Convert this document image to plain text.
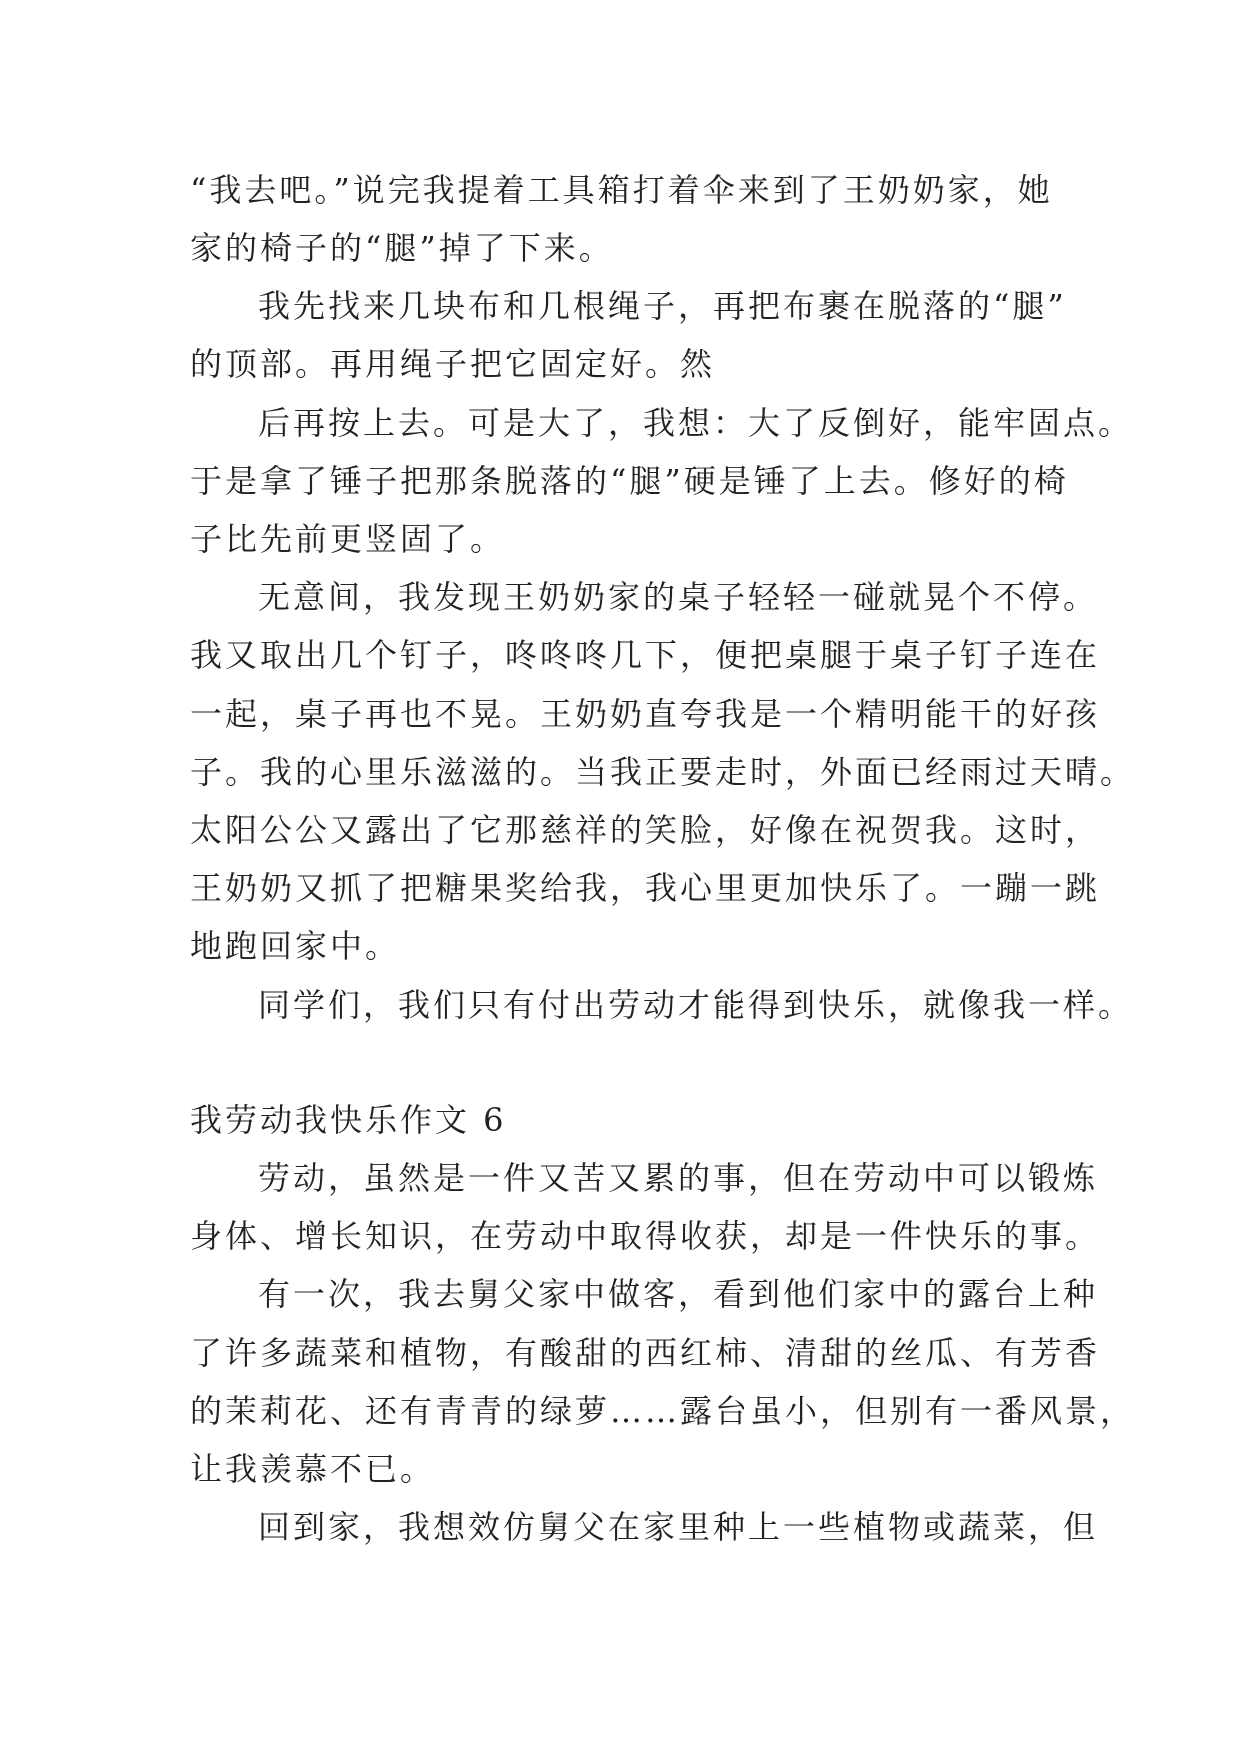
“我去吧。”说完我提着工具箱打着伞来到了王奶奶家，她
家的椅子的“腿”掉了下来。
我先找来几块布和几根绳子，再把布裹在脱落的“腿”
的顶部。再用绳子把它固定好。然
后再按上去。可是大了，我想：大了反倒好，能牢固点。
于是拿了锤子把那条脱落的“腿”硬是锤了上去。修好的椅
子比先前更竖固了。
无意间，我发现王奶奶家的桌子轻轻一碰就晃个不停。
我又取出几个钉子，咚咚咚几下，便把桌腿于桌子钉子连在
一起，桌子再也不晃。王奶奶直夸我是一个精明能干的好孩
子。我的心里乐滋滋的。当我正要走时，外面已经雨过天晴。
太阳公公又露出了它那慈祥的笑脸，好像在祝贺我。这时，
王奶奶又抓了把糖果奖给我，我心里更加快乐了。一蹦一跳
地跑回家中。
同学们，我们只有付出劳动才能得到快乐，就像我一样。
我劳动我快乐作文 6
劳动，虽然是一件又苦又累的事，但在劳动中可以锻炼
身体、增长知识，在劳动中取得收获，却是一件快乐的事。
有一次，我去舅父家中做客，看到他们家中的露台上种
了许多蔬菜和植物，有酸甜的西红柿、清甜的丝瓜、有芳香
的茉莉花、还有青青的绿萝……露台虽小，但别有一番风景，
让我羡慕不已。
回到家，我想效仿舅父在家里种上一些植物或蔬菜，但
